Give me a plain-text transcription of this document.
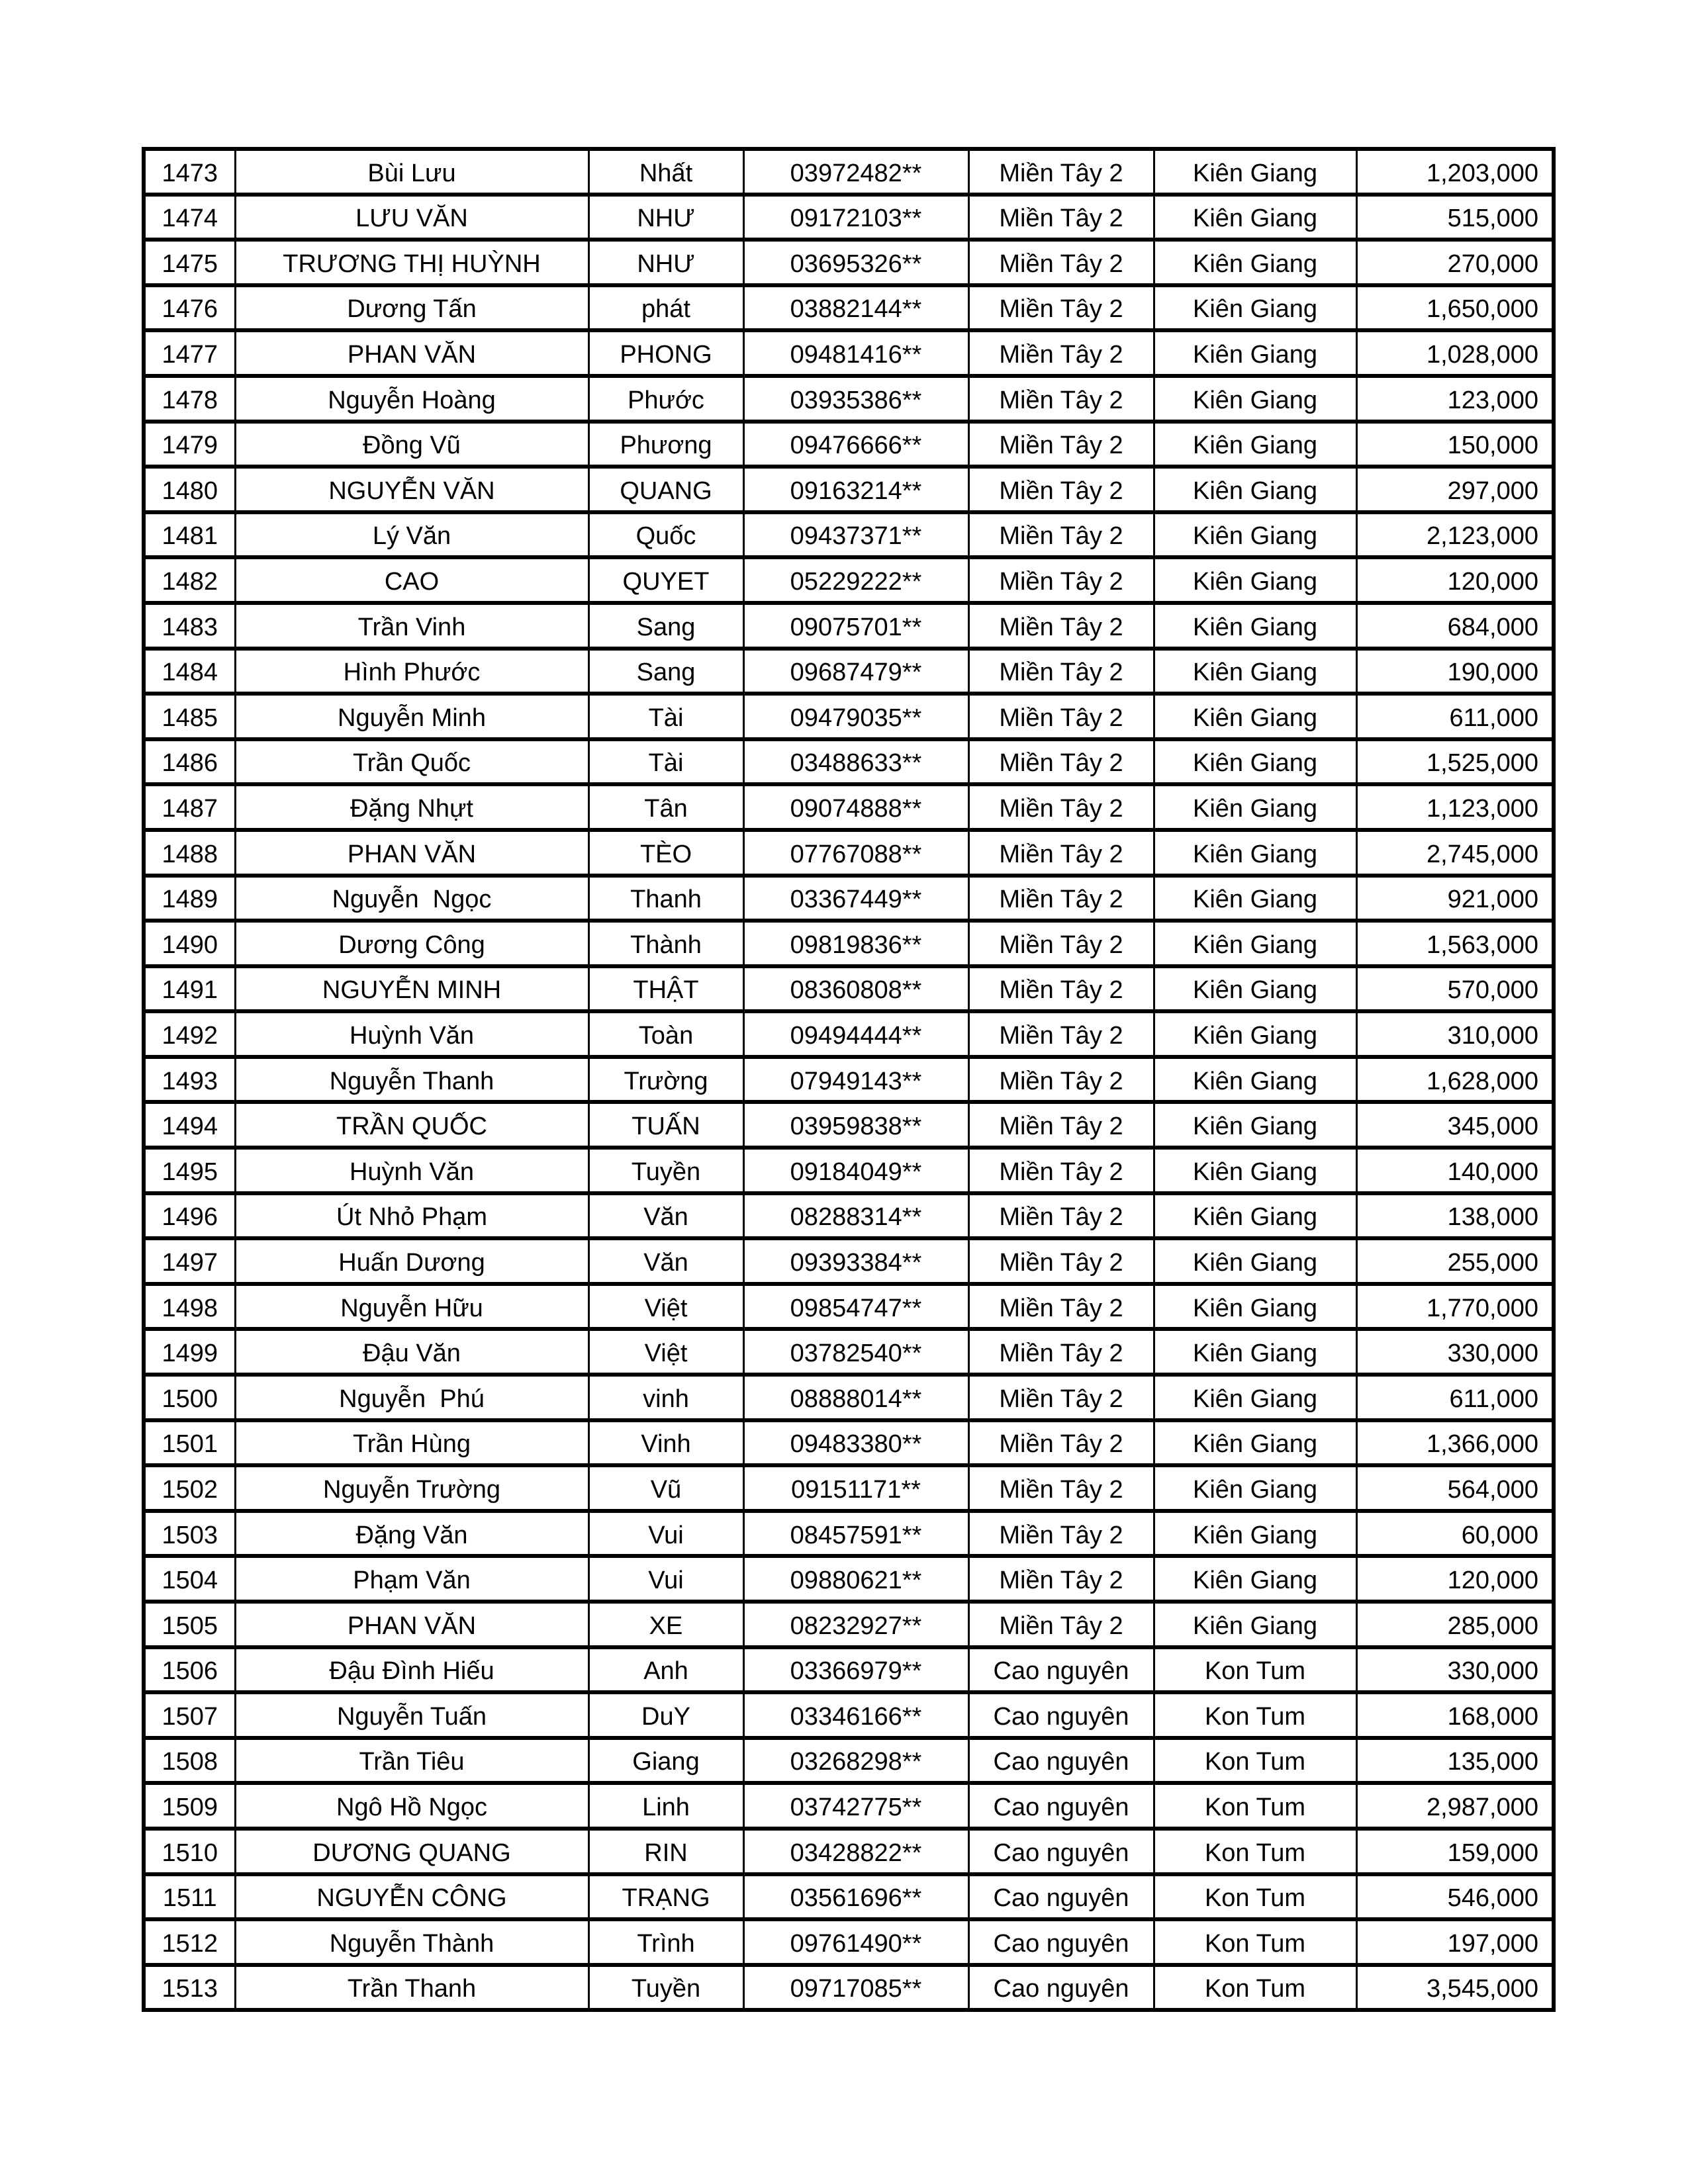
1473	Bùi Lưu	Nhất	03972482**	Miền Tây 2	Kiên Giang	1,203,000
1474	LƯU VĂN	NHƯ	09172103**	Miền Tây 2	Kiên Giang	515,000
1475	TRƯƠNG THỊ HUỲNH	NHƯ	03695326**	Miền Tây 2	Kiên Giang	270,000
1476	Dương Tấn	phát	03882144**	Miền Tây 2	Kiên Giang	1,650,000
1477	PHAN VĂN	PHONG	09481416**	Miền Tây 2	Kiên Giang	1,028,000
1478	Nguyễn Hoàng	Phước	03935386**	Miền Tây 2	Kiên Giang	123,000
1479	Đồng Vũ	Phương	09476666**	Miền Tây 2	Kiên Giang	150,000
1480	NGUYỄN VĂN	QUANG	09163214**	Miền Tây 2	Kiên Giang	297,000
1481	Lý Văn	Quốc	09437371**	Miền Tây 2	Kiên Giang	2,123,000
1482	CAO	QUYET	05229222**	Miền Tây 2	Kiên Giang	120,000
1483	Trần Vinh	Sang	09075701**	Miền Tây 2	Kiên Giang	684,000
1484	Hình Phước	Sang	09687479**	Miền Tây 2	Kiên Giang	190,000
1485	Nguyễn Minh	Tài	09479035**	Miền Tây 2	Kiên Giang	611,000
1486	Trần Quốc	Tài	03488633**	Miền Tây 2	Kiên Giang	1,525,000
1487	Đặng Nhựt	Tân	09074888**	Miền Tây 2	Kiên Giang	1,123,000
1488	PHAN VĂN	TÈO	07767088**	Miền Tây 2	Kiên Giang	2,745,000
1489	Nguyễn  Ngọc	Thanh	03367449**	Miền Tây 2	Kiên Giang	921,000
1490	Dương Công	Thành	09819836**	Miền Tây 2	Kiên Giang	1,563,000
1491	NGUYỄN MINH	THẬT	08360808**	Miền Tây 2	Kiên Giang	570,000
1492	Huỳnh Văn	Toàn	09494444**	Miền Tây 2	Kiên Giang	310,000
1493	Nguyễn Thanh	Trường	07949143**	Miền Tây 2	Kiên Giang	1,628,000
1494	TRẦN QUỐC	TUẤN	03959838**	Miền Tây 2	Kiên Giang	345,000
1495	Huỳnh Văn	Tuyền	09184049**	Miền Tây 2	Kiên Giang	140,000
1496	Út Nhỏ Phạm	Văn	08288314**	Miền Tây 2	Kiên Giang	138,000
1497	Huấn Dương	Văn	09393384**	Miền Tây 2	Kiên Giang	255,000
1498	Nguyễn Hữu	Việt	09854747**	Miền Tây 2	Kiên Giang	1,770,000
1499	Đậu Văn	Việt	03782540**	Miền Tây 2	Kiên Giang	330,000
1500	Nguyễn  Phú	vinh	08888014**	Miền Tây 2	Kiên Giang	611,000
1501	Trần Hùng	Vinh	09483380**	Miền Tây 2	Kiên Giang	1,366,000
1502	Nguyễn Trường	Vũ	09151171**	Miền Tây 2	Kiên Giang	564,000
1503	Đặng Văn	Vui	08457591**	Miền Tây 2	Kiên Giang	60,000
1504	Phạm Văn	Vui	09880621**	Miền Tây 2	Kiên Giang	120,000
1505	PHAN VĂN	XE	08232927**	Miền Tây 2	Kiên Giang	285,000
1506	Đậu Đình Hiếu	Anh	03366979**	Cao nguyên	Kon Tum	330,000
1507	Nguyễn Tuấn	DuY	03346166**	Cao nguyên	Kon Tum	168,000
1508	Trần Tiêu	Giang	03268298**	Cao nguyên	Kon Tum	135,000
1509	Ngô Hồ Ngọc	Linh	03742775**	Cao nguyên	Kon Tum	2,987,000
1510	DƯƠNG QUANG	RIN	03428822**	Cao nguyên	Kon Tum	159,000
1511	NGUYỄN CÔNG	TRẠNG	03561696**	Cao nguyên	Kon Tum	546,000
1512	Nguyễn Thành	Trình	09761490**	Cao nguyên	Kon Tum	197,000
1513	Trần Thanh	Tuyền	09717085**	Cao nguyên	Kon Tum	3,545,000
